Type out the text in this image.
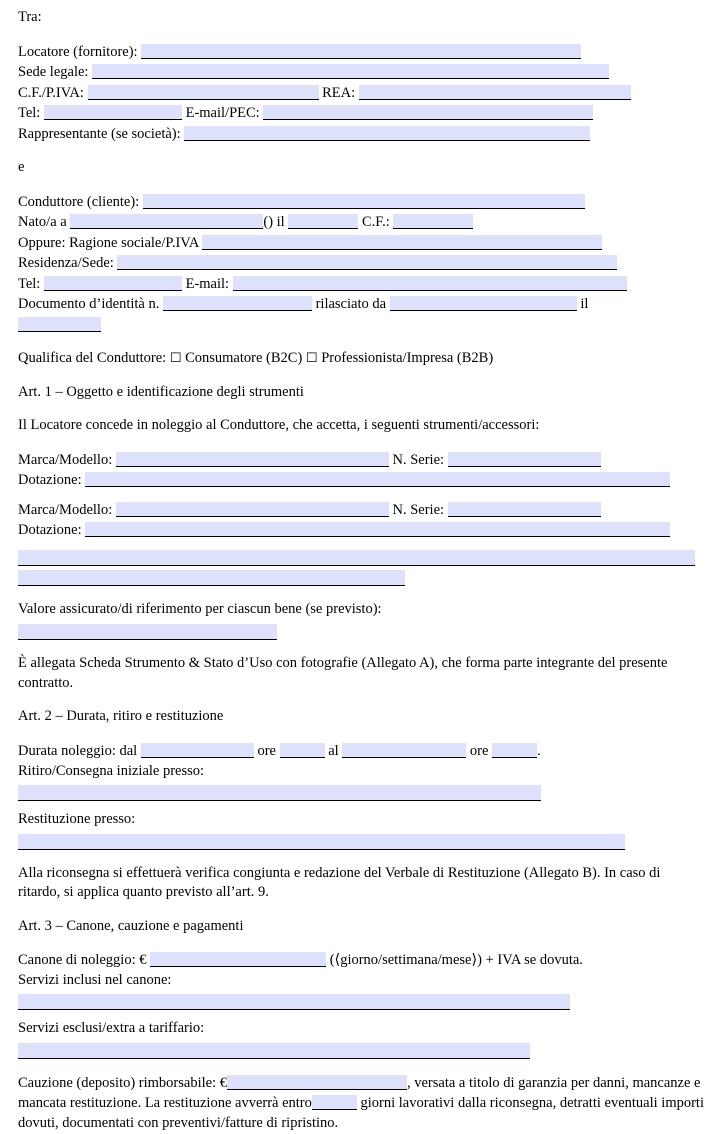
Tra:
Locatore (fornitore):
Sede legale:
C.F./P.IVA:	REA:
Tel:	E-mail/PEC:
Rappresentante (se società):
e
Conduttore (cliente):
Nato/a a	() il	C.F.:
Oppure: Ragione sociale/P.IVA
Residenza/Sede:
Tel:	E-mail:
Documento d’identità n.	rilasciato da	il
Qualifica del Conduttore: ☐ Consumatore (B2C) ☐ Professionista/Impresa (B2B)
Art. 1 – Oggetto e identificazione degli strumenti
Il Locatore concede in noleggio al Conduttore, che accetta, i seguenti strumenti/accessori:
Marca/Modello:	N. Serie:
Dotazione:
Marca/Modello:	N. Serie:
Dotazione:
Valore assicurato/di riferimento per ciascun bene (se previsto):
È allegata Scheda Strumento & Stato d’Uso con fotografie (Allegato A), che forma parte integrante del presente contratto.
Art. 2 – Durata, ritiro e restituzione
Durata noleggio: dal	ore	al	ore	.
Ritiro/Consegna iniziale presso:
Restituzione presso:
Alla riconsegna si effettuerà verifica congiunta e redazione del Verbale di Restituzione (Allegato B). In caso di ritardo, si applica quanto previsto all’art. 9.
Art. 3 – Canone, cauzione e pagamenti
Canone di noleggio: €	(⟨giorno/settimana/mese⟩) + IVA se dovuta.
Servizi inclusi nel canone:
Servizi esclusi/extra a tariffario:
Cauzione (deposito) rimborsabile: €	, versata a titolo di garanzia per danni, mancanze e mancata restituzione. La restituzione avverrà entro	giorni lavorativi dalla riconsegna, detratti eventuali importi dovuti, documentati con preventivi/fatture di ripristino.
